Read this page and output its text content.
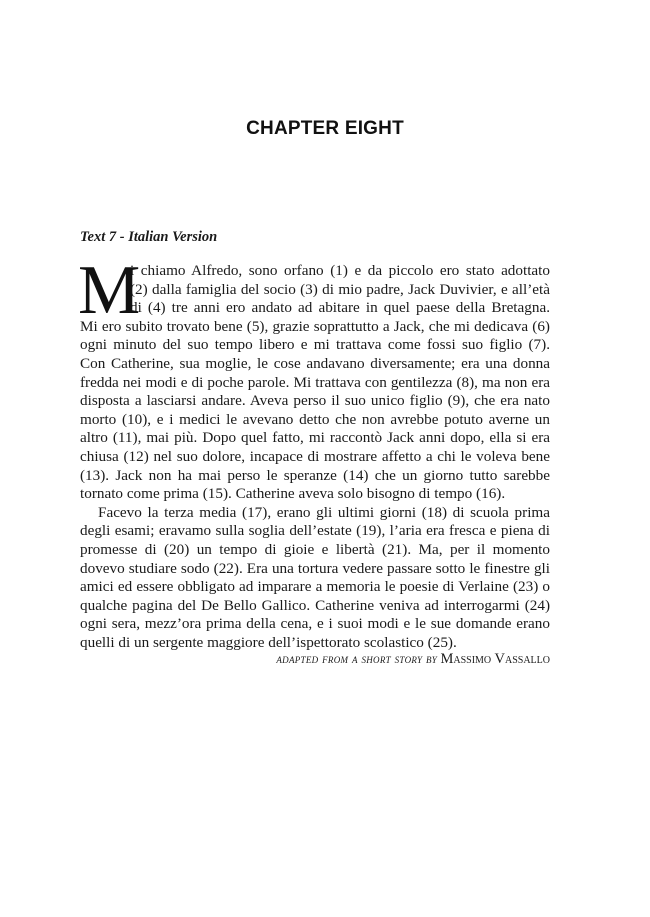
CHAPTER EIGHT
Text 7 - Italian Version
M
i chiamo Alfredo, sono orfano (1) e da piccolo ero stato adottato
(2) dalla famiglia del socio (3) di mio padre, Jack Duvivier, e all’età
di (4) tre anni ero andato ad abitare in quel paese della Bretagna.
Mi ero subito trovato bene (5), grazie soprattutto a Jack, che mi dedicava (6)
ogni minuto del suo tempo libero e mi trattava come fossi suo figlio (7).
Con Catherine, sua moglie, le cose andavano diversamente; era una donna
fredda nei modi e di poche parole. Mi trattava con gentilezza (8), ma non era
disposta a lasciarsi andare. Aveva perso il suo unico figlio (9), che era nato
morto (10), e i medici le avevano detto che non avrebbe potuto averne un
altro (11), mai più. Dopo quel fatto, mi raccontò Jack anni dopo, ella si era
chiusa (12) nel suo dolore, incapace di mostrare affetto a chi le voleva bene
(13). Jack non ha mai perso le speranze (14) che un giorno tutto sarebbe
tornato come prima (15). Catherine aveva solo bisogno di tempo (16).
Facevo la terza media (17), erano gli ultimi giorni (18) di scuola prima
degli esami; eravamo sulla soglia dell’estate (19), l’aria era fresca e piena di
promesse di (20) un tempo di gioie e libertà (21). Ma, per il momento
dovevo studiare sodo (22). Era una tortura vedere passare sotto le finestre gli
amici ed essere obbligato ad imparare a memoria le poesie di Verlaine (23) o
qualche pagina del De Bello Gallico. Catherine veniva ad interrogarmi (24)
ogni sera, mezz’ora prima della cena, e i suoi modi e le sue domande erano
quelli di un sergente maggiore dell’ispettorato scolastico (25).
adapted from a short story by Massimo Vassallo
